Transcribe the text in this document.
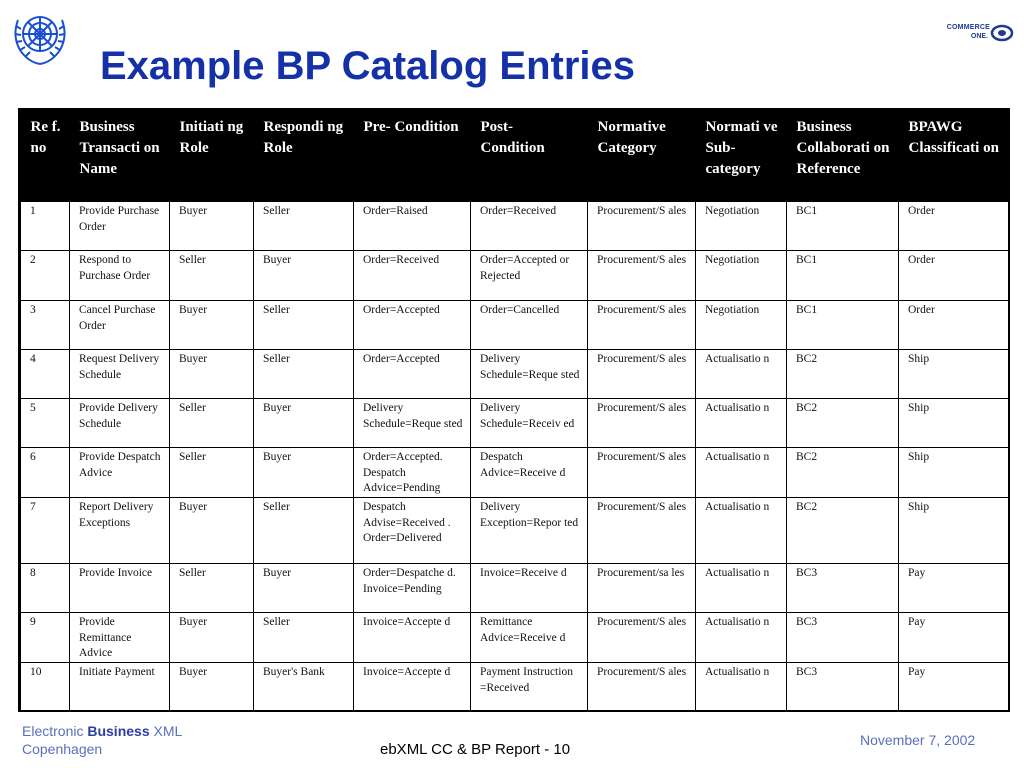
COMMERCE
ONE.
Example BP Catalog Entries
Re f. no	Business Transacti on Name	Initiati ng Role	Respondi ng Role	Pre- Condition	Post- Condition	Normative Category	Normati ve Sub- category	Business Collaborati on Reference	BPAWG Classificati on
1	Provide Purchase Order	Buyer	Seller	Order=Raised	Order=Received	Procurement/S ales	Negotiation	BC1	Order
2	Respond to Purchase Order	Seller	Buyer	Order=Received	Order=Accepted or Rejected	Procurement/S ales	Negotiation	BC1	Order
3	Cancel Purchase Order	Buyer	Seller	Order=Accepted	Order=Cancelled	Procurement/S ales	Negotiation	BC1	Order
4	Request Delivery Schedule	Buyer	Seller	Order=Accepted	Delivery Schedule=Reque sted	Procurement/S ales	Actualisatio n	BC2	Ship
5	Provide Delivery Schedule	Seller	Buyer	Delivery Schedule=Reque sted	Delivery Schedule=Receiv ed	Procurement/S ales	Actualisatio n	BC2	Ship
6	Provide Despatch Advice	Seller	Buyer	Order=Accepted. Despatch Advice=Pending	Despatch Advice=Receive d	Procurement/S ales	Actualisatio n	BC2	Ship
7	Report Delivery Exceptions	Buyer	Seller	Despatch Advise=Received . Order=Delivered	Delivery Exception=Repor ted	Procurement/S ales	Actualisatio n	BC2	Ship
8	Provide Invoice	Seller	Buyer	Order=Despatche d. Invoice=Pending	Invoice=Receive d	Procurement/sa les	Actualisatio n	BC3	Pay
9	Provide Remittance Advice	Buyer	Seller	Invoice=Accepte d	Remittance Advice=Receive d	Procurement/S ales	Actualisatio n	BC3	Pay
10	Initiate Payment	Buyer	Buyer's Bank	Invoice=Accepte d	Payment Instruction =Received	Procurement/S ales	Actualisatio n	BC3	Pay
Electronic Business XML
Copenhagen	ebXML CC & BP Report - 10
November 7, 2002
